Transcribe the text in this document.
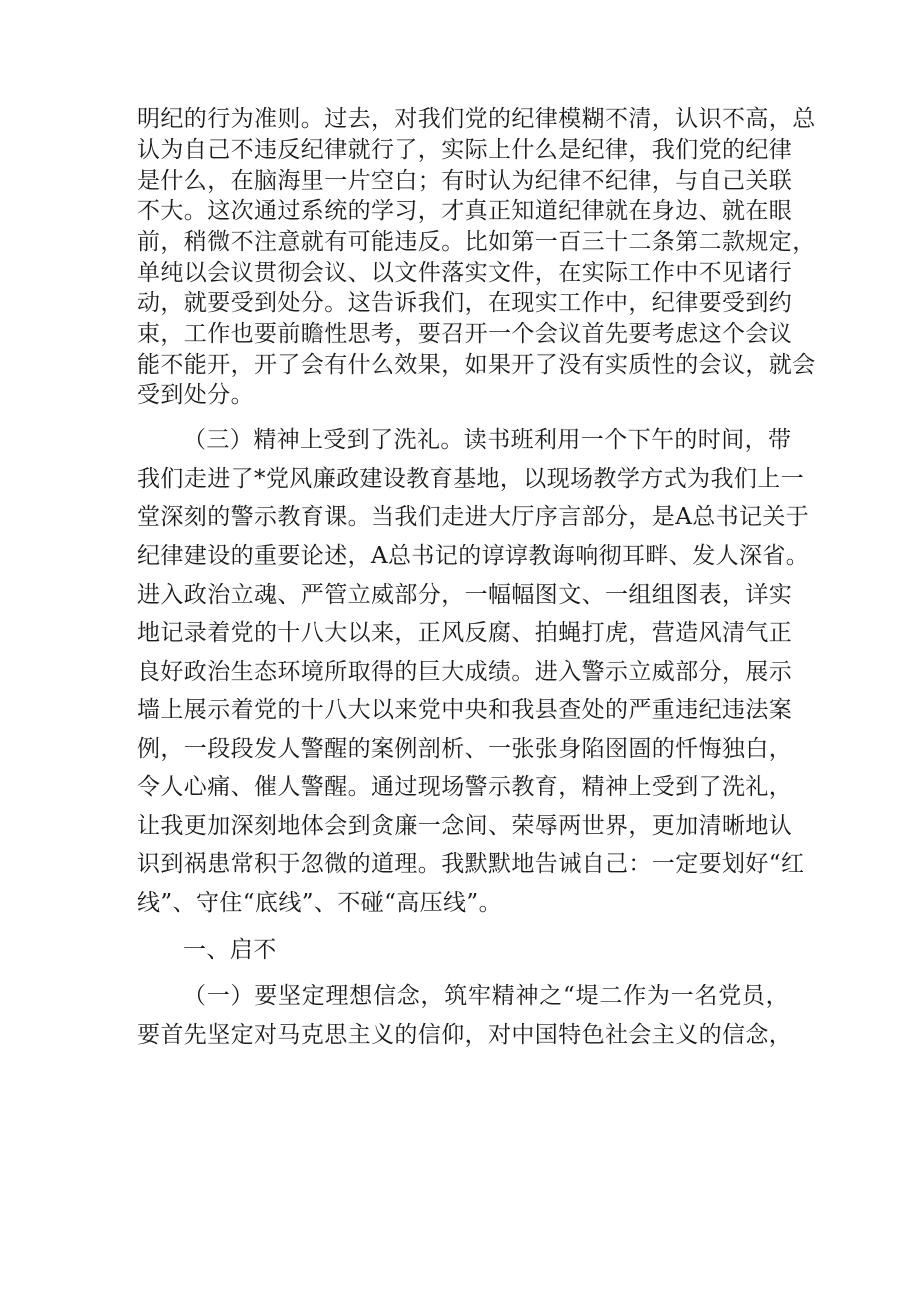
明纪的行为准则。过去，对我们党的纪律模糊不清，认识不高，总
认为自己不违反纪律就行了，实际上什么是纪律，我们党的纪律
是什么，在脑海里一片空白；有时认为纪律不纪律，与自己关联
不大。这次通过系统的学习，才真正知道纪律就在身边、就在眼
前，稍微不注意就有可能违反。比如第一百三十二条第二款规定，
单纯以会议贯彻会议、以文件落实文件，在实际工作中不见诸行
动，就要受到处分。这告诉我们，在现实工作中，纪律要受到约
束，工作也要前瞻性思考，要召开一个会议首先要考虑这个会议
能不能开，开了会有什么效果，如果开了没有实质性的会议，就会
受到处分。
（三）精神上受到了洗礼。读书班利用一个下午的时间，带
我们走进了*党风廉政建设教育基地，以现场教学方式为我们上一
堂深刻的警示教育课。当我们走进大厅序言部分，是A总书记关于
纪律建设的重要论述，A总书记的谆谆教诲响彻耳畔、发人深省。
进入政治立魂、严管立威部分，一幅幅图文、一组组图表，详实
地记录着党的十八大以来，正风反腐、拍蝇打虎，营造风清气正
良好政治生态环境所取得的巨大成绩。进入警示立威部分，展示
墙上展示着党的十八大以来党中央和我县查处的严重违纪违法案
例，一段段发人警醒的案例剖析、一张张身陷囹圄的忏悔独白，
令人心痛、催人警醒。通过现场警示教育，精神上受到了洗礼，
让我更加深刻地体会到贪廉一念间、荣辱两世界，更加清晰地认
识到祸患常积于忽微的道理。我默默地告诫自己：一定要划好“红
线”、守住“底线”、不碰“高压线”。
一、启不
（一）要坚定理想信念，筑牢精神之“堤二作为一名党员，
要首先坚定对马克思主义的信仰，对中国特色社会主义的信念，
